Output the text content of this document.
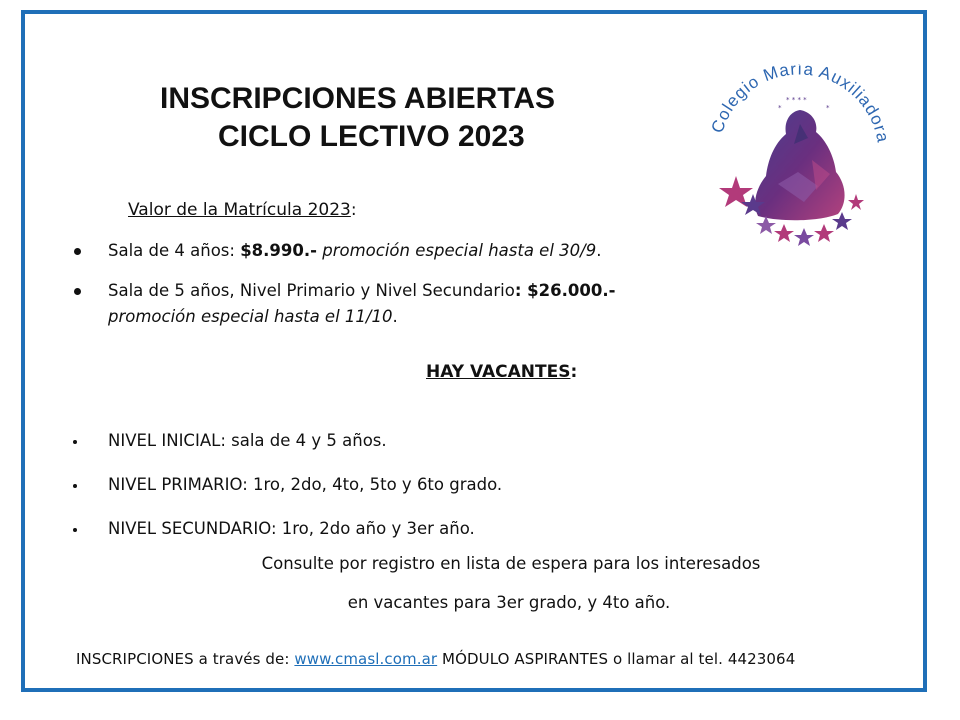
INSCRIPCIONES ABIERTAS
CICLO LECTIVO 2023	Colegio María Auxiliado
* * * *
*	*
Valor de la Matrícula 2023:
Sala de 4 años: $8.990.- promoción especial hasta el 30/9.
Sala de 5 años, Nivel Primario y Nivel Secundario: $26.000.-
promoción especial hasta el 11/10.
HAY VACANTES:
NIVEL INICIAL: sala de 4 y 5 años.
NIVEL PRIMARIO: 1ro, 2do, 4to, 5to y 6to grado.
NIVEL SECUNDARIO: 1ro, 2do año y 3er año.
Consulte por registro en lista de espera para los interesados
en vacantes para 3er grado, y 4to año.
INSCRIPCIONES a través de: www.cmasl.com.ar MÓDULO ASPIRANTES o llamar al tel. 4423064
